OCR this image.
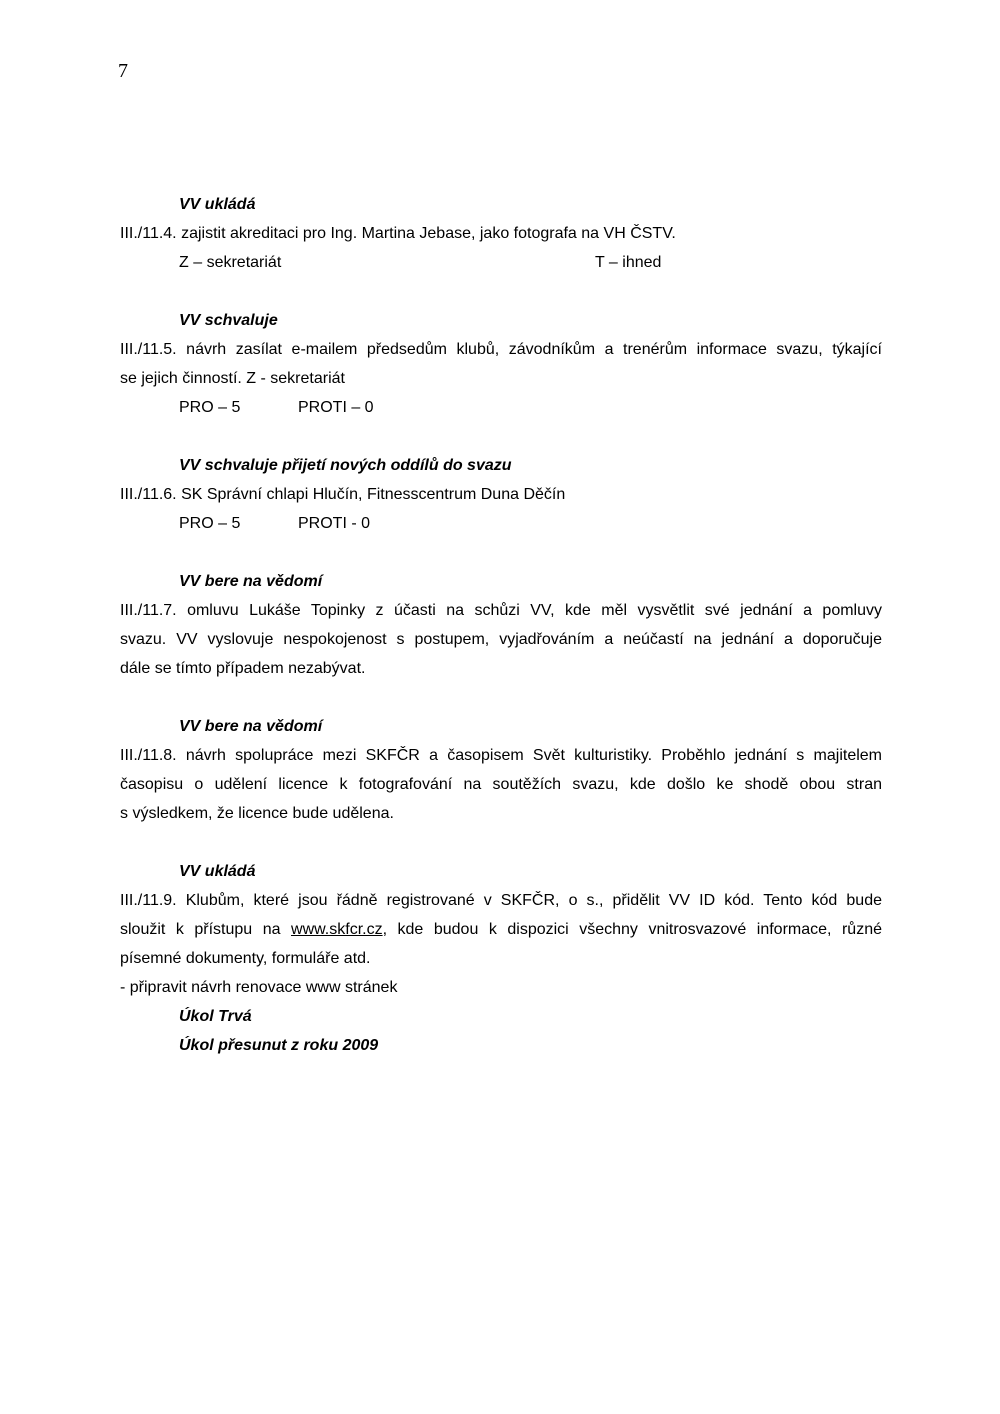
7
VV ukládá
III./11.4. zajistit akreditaci pro Ing. Martina Jebase, jako fotografa na VH ČSTV.
Z – sekretariát	T – ihned
VV schvaluje
III./11.5. návrh zasílat e-mailem předsedům klubů, závodníkům a trenérům informace svazu, týkající
se jejich činností. Z - sekretariát
PRO – 5	PROTI – 0
VV schvaluje přijetí nových oddílů do svazu
III./11.6. SK Správní chlapi Hlučín, Fitnesscentrum Duna Děčín
PRO – 5	PROTI - 0
VV bere na vědomí
III./11.7. omluvu Lukáše Topinky z účasti na schůzi VV, kde měl vysvětlit své jednání a pomluvy
svazu. VV vyslovuje nespokojenost s postupem, vyjadřováním a neúčastí na jednání a doporučuje
dále se tímto případem nezabývat.
VV bere na vědomí
III./11.8. návrh spolupráce mezi SKFČR a časopisem Svět kulturistiky. Proběhlo jednání s majitelem
časopisu o udělení licence k fotografování na soutěžích svazu, kde došlo ke shodě obou stran
s výsledkem, že licence bude udělena.
VV ukládá
III./11.9. Klubům, které jsou řádně registrované v SKFČR, o s., přidělit VV ID kód. Tento kód bude
sloužit k přístupu na www.skfcr.cz, kde budou k dispozici všechny vnitrosvazové informace, různé
písemné dokumenty, formuláře atd.
- připravit návrh renovace www stránek
Úkol Trvá
Úkol přesunut z roku 2009
